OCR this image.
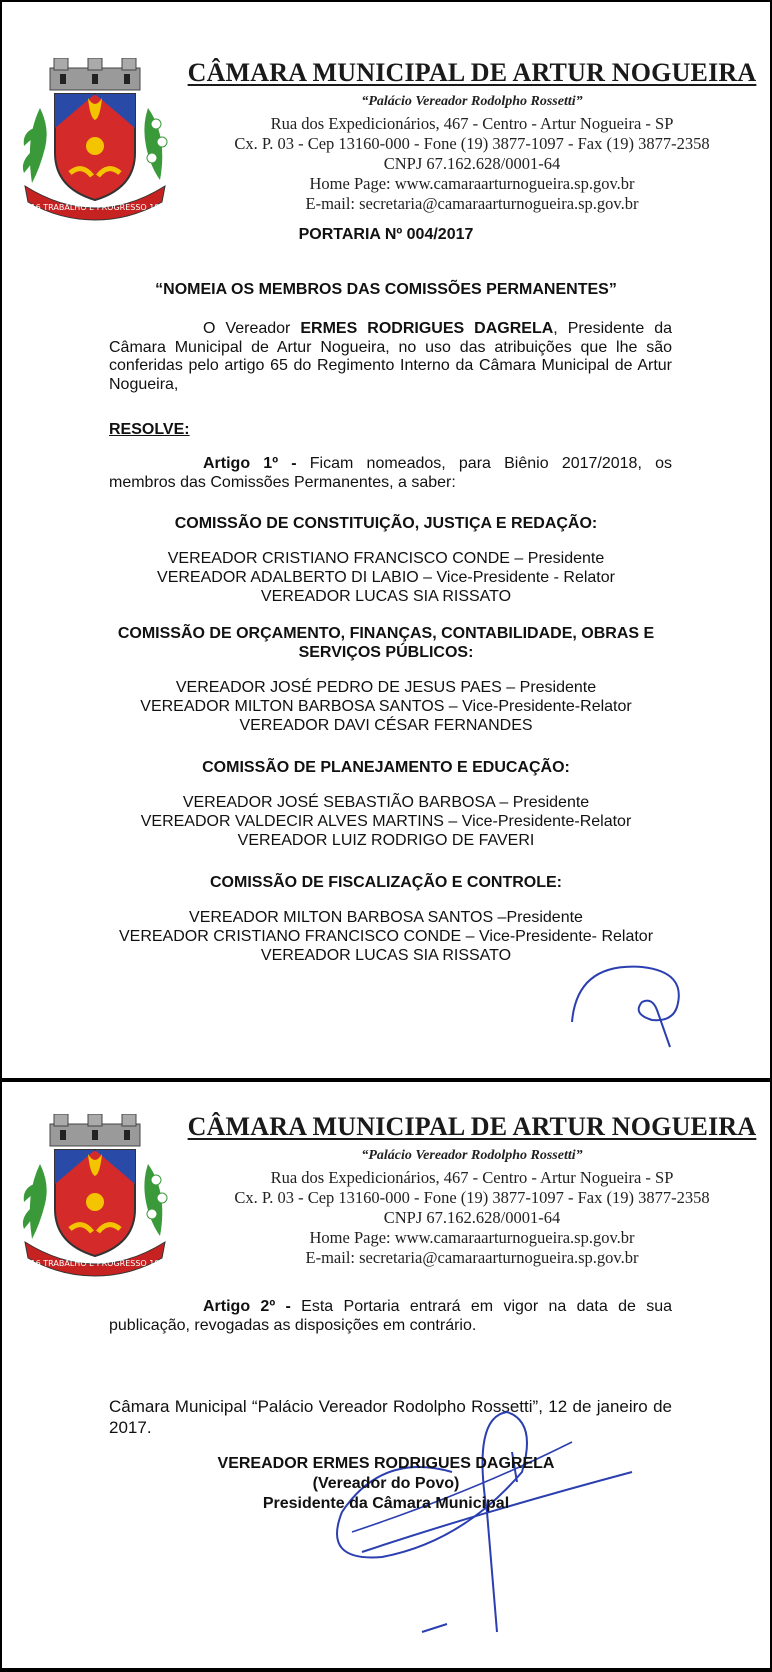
1916 TRABALHO E PROGRESSO 1948
CÂMARA MUNICIPAL DE ARTUR NOGUEIRA
“Palácio Vereador Rodolpho Rossetti”
Rua dos Expedicionários, 467 - Centro - Artur Nogueira - SP
Cx. P. 03 - Cep 13160-000 - Fone (19) 3877-1097 - Fax (19) 3877-2358
CNPJ 67.162.628/0001-64
Home Page: www.camaraarturnogueira.sp.gov.br
E-mail: secretaria@camaraarturnogueira.sp.gov.br
PORTARIA Nº 004/2017
“NOMEIA OS MEMBROS DAS COMISSÕES PERMANENTES”
O Vereador ERMES RODRIGUES DAGRELA, Presidente da Câmara Municipal de Artur Nogueira, no uso das atribuições que lhe são conferidas pelo artigo 65 do Regimento Interno da Câmara Municipal de Artur Nogueira,
RESOLVE:
Artigo 1º - Ficam nomeados, para Biênio 2017/2018, os membros das Comissões Permanentes, a saber:
COMISSÃO DE CONSTITUIÇÃO, JUSTIÇA E REDAÇÃO:
VEREADOR CRISTIANO FRANCISCO CONDE – Presidente
VEREADOR ADALBERTO DI LABIO – Vice-Presidente - Relator
VEREADOR LUCAS SIA RISSATO
COMISSÃO DE ORÇAMENTO, FINANÇAS, CONTABILIDADE, OBRAS E
SERVIÇOS PÚBLICOS:
VEREADOR JOSÉ PEDRO DE JESUS PAES – Presidente
VEREADOR MILTON BARBOSA SANTOS – Vice-Presidente-Relator
VEREADOR DAVI CÉSAR FERNANDES
COMISSÃO DE PLANEJAMENTO E EDUCAÇÃO:
VEREADOR JOSÉ SEBASTIÃO BARBOSA – Presidente
VEREADOR VALDECIR ALVES MARTINS – Vice-Presidente-Relator
VEREADOR LUIZ RODRIGO DE FAVERI
COMISSÃO DE FISCALIZAÇÃO E CONTROLE:
VEREADOR MILTON BARBOSA SANTOS –Presidente
VEREADOR CRISTIANO FRANCISCO CONDE – Vice-Presidente- Relator
VEREADOR LUCAS SIA RISSATO
1916 TRABALHO E PROGRESSO 1948
CÂMARA MUNICIPAL DE ARTUR NOGUEIRA
“Palácio Vereador Rodolpho Rossetti”
Rua dos Expedicionários, 467 - Centro - Artur Nogueira - SP
Cx. P. 03 - Cep 13160-000 - Fone (19) 3877-1097 - Fax (19) 3877-2358
CNPJ 67.162.628/0001-64
Home Page: www.camaraarturnogueira.sp.gov.br
E-mail: secretaria@camaraarturnogueira.sp.gov.br
Artigo 2º - Esta Portaria entrará em vigor na data de sua publicação, revogadas as disposições em contrário.
Câmara Municipal “Palácio Vereador Rodolpho Rossetti”, 12 de janeiro de 2017.
VEREADOR ERMES RODRIGUES DAGRELA
(Vereador do Povo)
Presidente da Câmara Municipal
